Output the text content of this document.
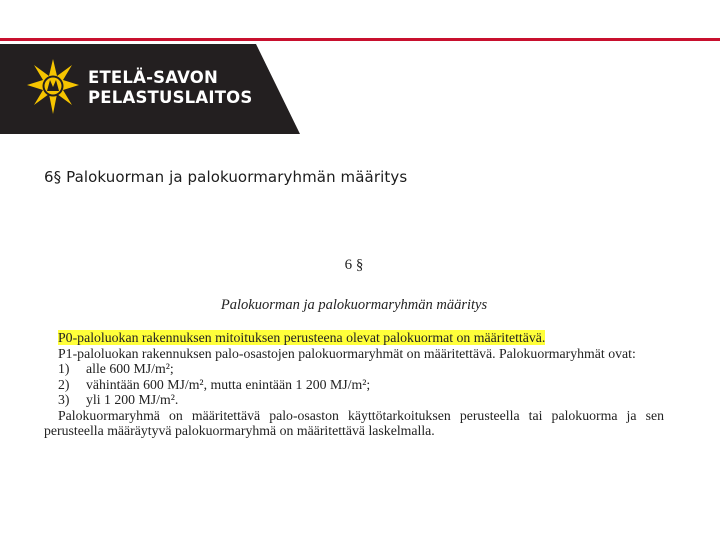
ETELÄ-SAVON
PELASTUSLAITOS
6§ Palokuorman ja palokuormaryhmän määritys
6 §
Palokuorman ja palokuormaryhmän määritys
P0-paloluokan rakennuksen mitoituksen perusteena olevat palokuormat on määritettävä.
P1-paloluokan rakennuksen palo-osastojen palokuormaryhmät on määritettävä. Palokuormaryhmät ovat:
1) alle 600 MJ/m²;
2) vähintään 600 MJ/m², mutta enintään 1 200 MJ/m²;
3) yli 1 200 MJ/m².
Palokuormaryhmä on määritettävä palo-osaston käyttötarkoituksen perusteella tai palokuorma ja sen perusteella määräytyvä palokuormaryhmä on määritettävä laskelmalla.
